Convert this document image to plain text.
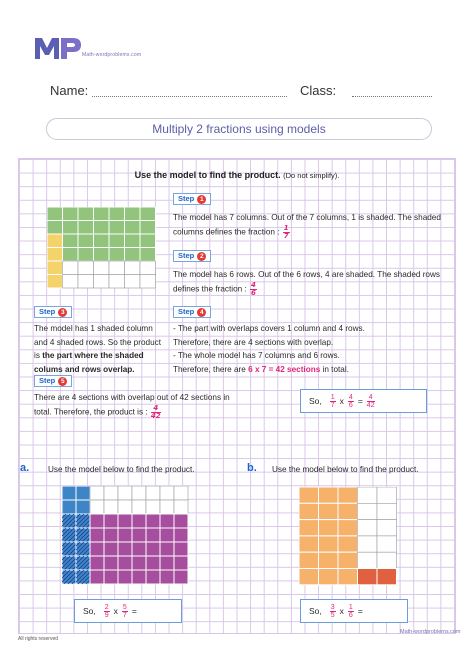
Math-wordproblems.com
Name:	Class:
Multiply 2 fractions using models
Use the model to find the product. (Do not simplify).
Step 1
The model has 7 columns. Out of the 7 columns, 1 is shaded. The shaded columns defines the fraction : $\frac{1}{7}$
Step 2
The model has 6 rows. Out of the 6 rows, 4 are shaded. The shaded rows defines the fraction : $\frac{4}{6}$
Step 3
The model has 1 shaded column and 4 shaded rows. So the product is the part where the shaded colums and rows overlap.
Step 4
- The part with overlaps covers 1 column and 4 rows. Therefore, there are 4 sections with overlap.
- The whole model has 7 columns and 6 rows. Therefore, there are 6 x 7 = 42 sections in total.
Step 5
There are 4 sections with overlap out of 42 sections in total. Therefore, the product is : $\frac{4}{42}$
So, $\frac{1}{7}$ x $\frac{4}{6} = \frac{4}{42}$
a. Use the model below to find the product.
So, $\frac{2}{9}$ x $\frac{5}{7}$ =
b. Use the model below to find the product.
So, $\frac{3}{5}$ x $\frac{1}{6}$ =
All rights reserved
Math-wordproblems.com
